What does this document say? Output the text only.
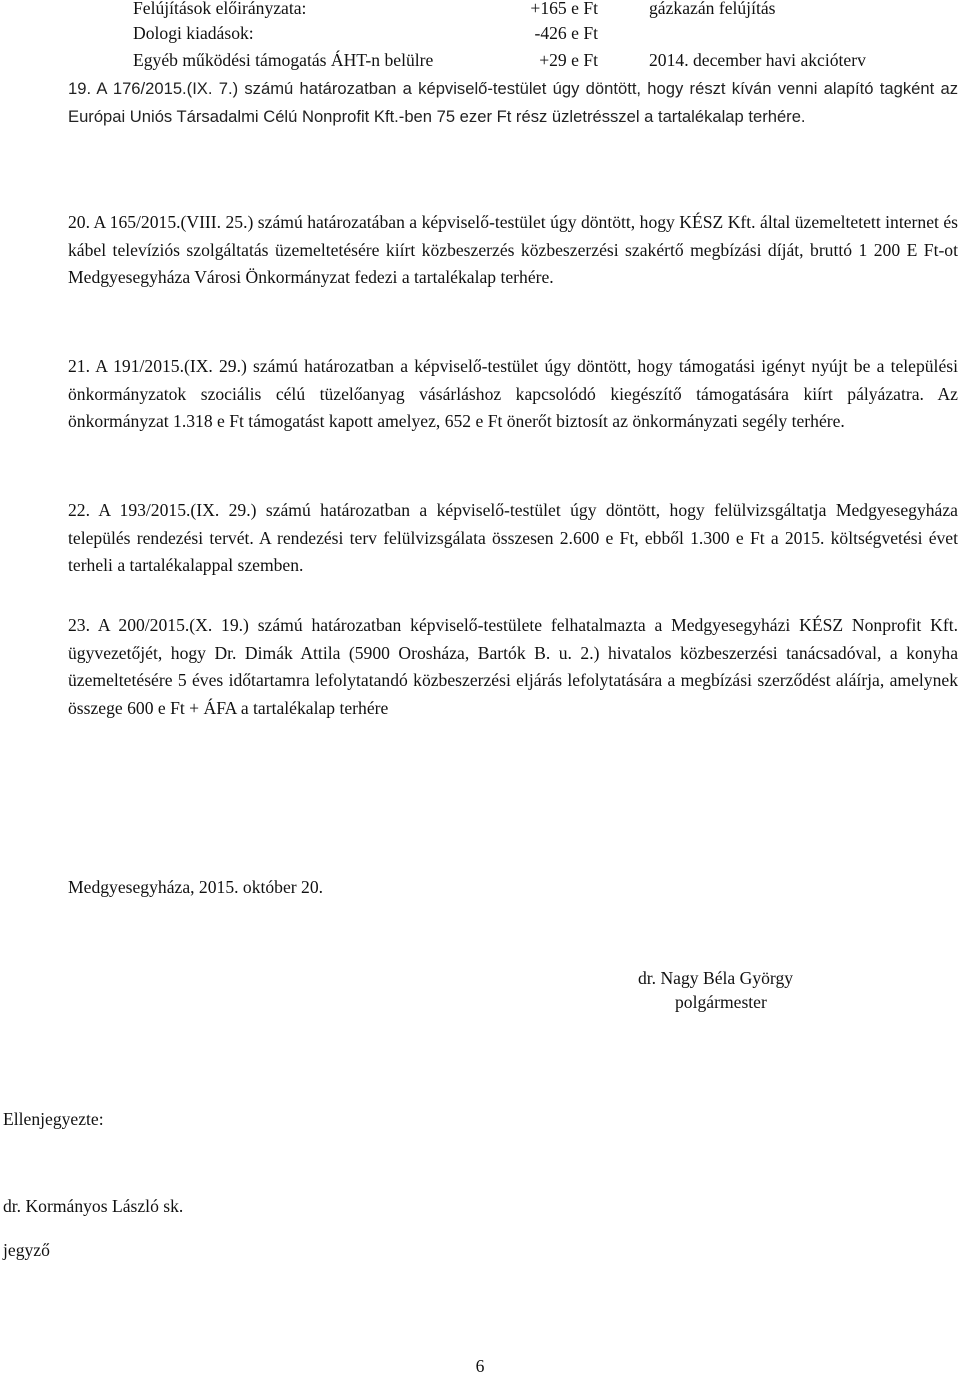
Felújítások előirányzata:	+165 e Ft	gázkazán felújítás
Dologi kiadások:	-426 e Ft
Egyéb működési támogatás ÁHT-n belülre	+29 e Ft	2014. december havi akcióterv
19. A 176/2015.(IX. 7.) számú határozatban a képviselő-testület úgy döntött, hogy részt kíván venni alapító tagként az Európai Uniós Társadalmi Célú Nonprofit Kft.-ben 75 ezer Ft rész üzletrésszel a tartalékalap terhére.
20. A 165/2015.(VIII. 25.) számú határozatában a képviselő-testület úgy döntött, hogy KÉSZ Kft. által üzemeltetett internet és kábel televíziós szolgáltatás üzemeltetésére kiírt közbeszerzés közbeszerzési szakértő megbízási díját, bruttó 1 200 E Ft-ot Medgyesegyháza Városi Önkormányzat fedezi a tartalékalap terhére.
21. A 191/2015.(IX. 29.) számú határozatban a képviselő-testület úgy döntött, hogy támogatási igényt nyújt be a települési önkormányzatok szociális célú tüzelőanyag vásárláshoz kapcsolódó kiegészítő támogatására kiírt pályázatra. Az önkormányzat 1.318 e Ft támogatást kapott amelyez, 652 e Ft önerőt biztosít az önkormányzati segély terhére.
22. A 193/2015.(IX. 29.) számú határozatban a képviselő-testület úgy döntött, hogy felülvizsgáltatja Medgyesegyháza település rendezési tervét. A rendezési terv felülvizsgálata összesen 2.600 e Ft, ebből 1.300 e Ft a 2015. költségvetési évet terheli a tartalékalappal szemben.
23. A 200/2015.(X. 19.) számú határozatban képviselő-testülete felhatalmazta a Medgyesegyházi KÉSZ Nonprofit Kft. ügyvezetőjét, hogy Dr. Dimák Attila (5900 Orosháza, Bartók B. u. 2.) hivatalos közbeszerzési tanácsadóval, a konyha üzemeltetésére 5 éves időtartamra lefolytatandó közbeszerzési eljárás lefolytatására a megbízási szerződést aláírja, amelynek összege 600 e Ft + ÁFA a tartalékalap terhére
Medgyesegyháza, 2015. október 20.
dr. Nagy Béla György
polgármester
Ellenjegyezte:
dr. Kormányos László sk.
jegyző
6
